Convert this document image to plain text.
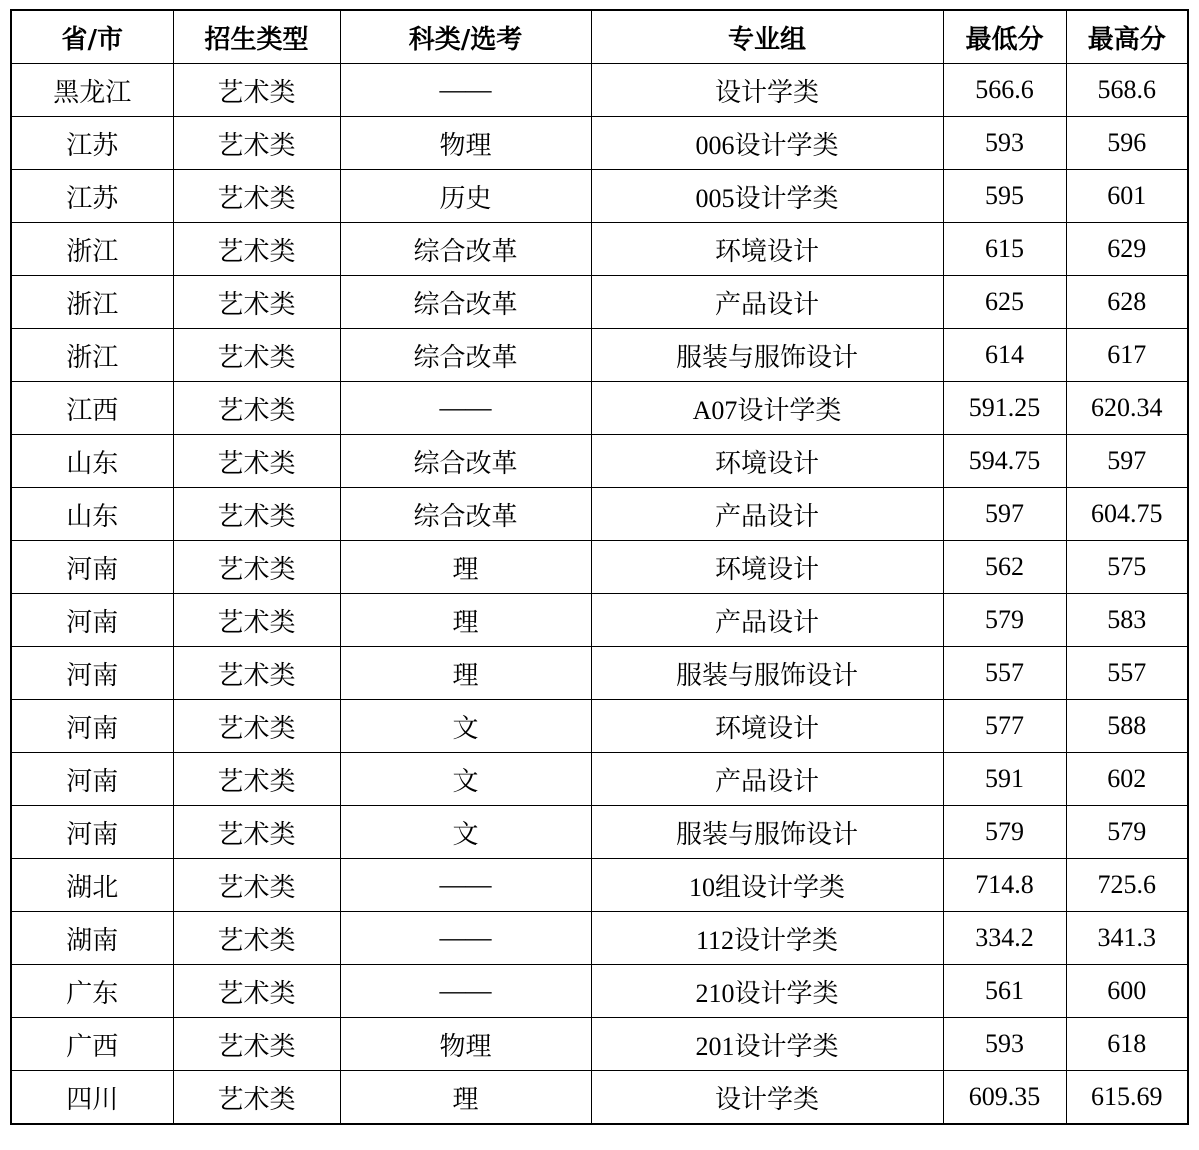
省/市	招生类型	科类/选考	专业组	最低分	最高分
黑龙江	艺术类	——	设计学类	566.6	568.6
江苏	艺术类	物理	006设计学类	593	596
江苏	艺术类	历史	005设计学类	595	601
浙江	艺术类	综合改革	环境设计	615	629
浙江	艺术类	综合改革	产品设计	625	628
浙江	艺术类	综合改革	服装与服饰设计	614	617
江西	艺术类	——	A07设计学类	591.25	620.34
山东	艺术类	综合改革	环境设计	594.75	597
山东	艺术类	综合改革	产品设计	597	604.75
河南	艺术类	理	环境设计	562	575
河南	艺术类	理	产品设计	579	583
河南	艺术类	理	服装与服饰设计	557	557
河南	艺术类	文	环境设计	577	588
河南	艺术类	文	产品设计	591	602
河南	艺术类	文	服装与服饰设计	579	579
湖北	艺术类	——	10组设计学类	714.8	725.6
湖南	艺术类	——	112设计学类	334.2	341.3
广东	艺术类	——	210设计学类	561	600
广西	艺术类	物理	201设计学类	593	618
四川	艺术类	理	设计学类	609.35	615.69
